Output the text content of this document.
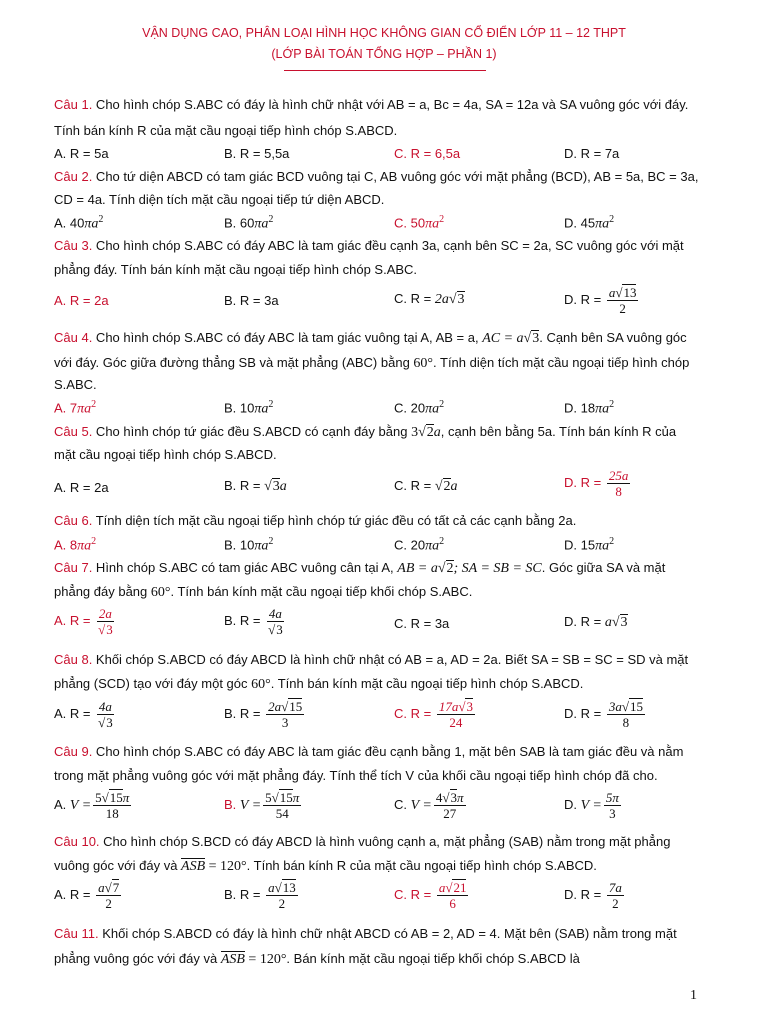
VẬN DỤNG CAO, PHÂN LOẠI HÌNH HỌC KHÔNG GIAN CỔ ĐIỂN LỚP 11 – 12 THPT
(LỚP BÀI TOÁN TỔNG HỢP – PHẦN 1)
Câu 1. Cho hình chóp S.ABC có đáy là hình chữ nhật với AB = a, Bc = 4a, SA = 12a và SA vuông góc với đáy.
Tính bán kính R của mặt cầu ngoại tiếp hình chóp S.ABCD.
A. R = 5a	B. R = 5,5a	C. R = 6,5a	D. R = 7a
Câu 2. Cho tứ diện ABCD có tam giác BCD vuông tại C, AB vuông góc với mặt phẳng (BCD), AB = 5a, BC = 3a,
CD = 4a. Tính diện tích mặt cầu ngoại tiếp tứ diện ABCD.
A. $40\pi a^2$	B. $60\pi a^2$	C. $50\pi a^2$	D. $45\pi a^2$
Câu 3. Cho hình chóp S.ABC có đáy ABC là tam giác đều cạnh 3a, cạnh bên SC = 2a, SC vuông góc với mặt
phẳng đáy. Tính bán kính mặt cầu ngoại tiếp hình chóp S.ABC.
A. R = 2a	B. R = 3a	C. R = 2a√3	D. $R = \frac{a√13}{2}$
Câu 4. Cho hình chóp S.ABC có đáy ABC là tam giác vuông tại A, AB = a, AC = a√3. Cạnh bên SA vuông góc
với đáy. Góc giữa đường thẳng SB và mặt phẳng (ABC) bằng 60°. Tính diện tích mặt cầu ngoại tiếp hình chóp
S.ABC.
A. $7\pi a^2$	B. $10\pi a^2$	C. $20\pi a^2$	D. $18\pi a^2$
Câu 5. Cho hình chóp tứ giác đều S.ABCD có cạnh đáy bằng 3√2a, cạnh bên bằng 5a. Tính bán kính R của
mặt cầu ngoại tiếp hình chóp S.ABCD.
A. R = 2a	B. R = √3a	C. R = √2a	D. $R = \frac{25a}{8}$
Câu 6. Tính diện tích mặt cầu ngoại tiếp hình chóp tứ giác đều có tất cả các cạnh bằng 2a.
A. $8\pi a^2$	B. $10\pi a^2$	C. $20\pi a^2$	D. $15\pi a^2$
Câu 7. Hình chóp S.ABC có tam giác ABC vuông cân tại A, AB = a√2; SA = SB = SC. Góc giữa SA và mặt
phẳng đáy bằng 60°. Tính bán kính mặt cầu ngoại tiếp khối chóp S.ABC.
A. $R = \frac{2a}{√3}$	B. $R = \frac{4a}{√3}$	C. R = 3a	D. R = a√3
Câu 8. Khối chóp S.ABCD có đáy ABCD là hình chữ nhật có AB = a, AD = 2a. Biết SA = SB = SC = SD và mặt
phẳng (SCD) tạo với đáy một góc 60°. Tính bán kính mặt cầu ngoại tiếp hình chóp S.ABCD.
A. $R = \frac{4a}{√3}$	B. $R = \frac{2a√15}{3}$	C. $R = \frac{17a√3}{24}$	D. $R = \frac{3a√15}{8}$
Câu 9. Cho hình chóp S.ABC có đáy ABC là tam giác đều cạnh bằng 1, mặt bên SAB là tam giác đều và nằm
trong mặt phẳng vuông góc với mặt phẳng đáy. Tính thể tích V của khối cầu ngoại tiếp hình chóp đã cho.
A. $V = \frac{5√15\pi}{18}$	B. $V = \frac{5√15\pi}{54}$	C. $V = \frac{4√3\pi}{27}$	D. $V = \frac{5\pi}{3}$
Câu 10. Cho hình chóp S.BCD có đáy ABCD là hình vuông cạnh a, mặt phẳng (SAB) nằm trong mặt phẳng
vuông góc với đáy và ASB = 120°. Tính bán kính R của mặt cầu ngoại tiếp hình chóp S.ABCD.
A. $R = \frac{a√7}{2}$	B. $R = \frac{a√13}{2}$	C. $R = \frac{a√21}{6}$	D. $R = \frac{7a}{2}$
Câu 11. Khối chóp S.ABCD có đáy là hình chữ nhật ABCD có AB = 2, AD = 4. Mặt bên (SAB) nằm trong mặt
phẳng vuông góc với đáy và ASB = 120°. Bán kính mặt cầu ngoại tiếp khối chóp S.ABCD là
1
